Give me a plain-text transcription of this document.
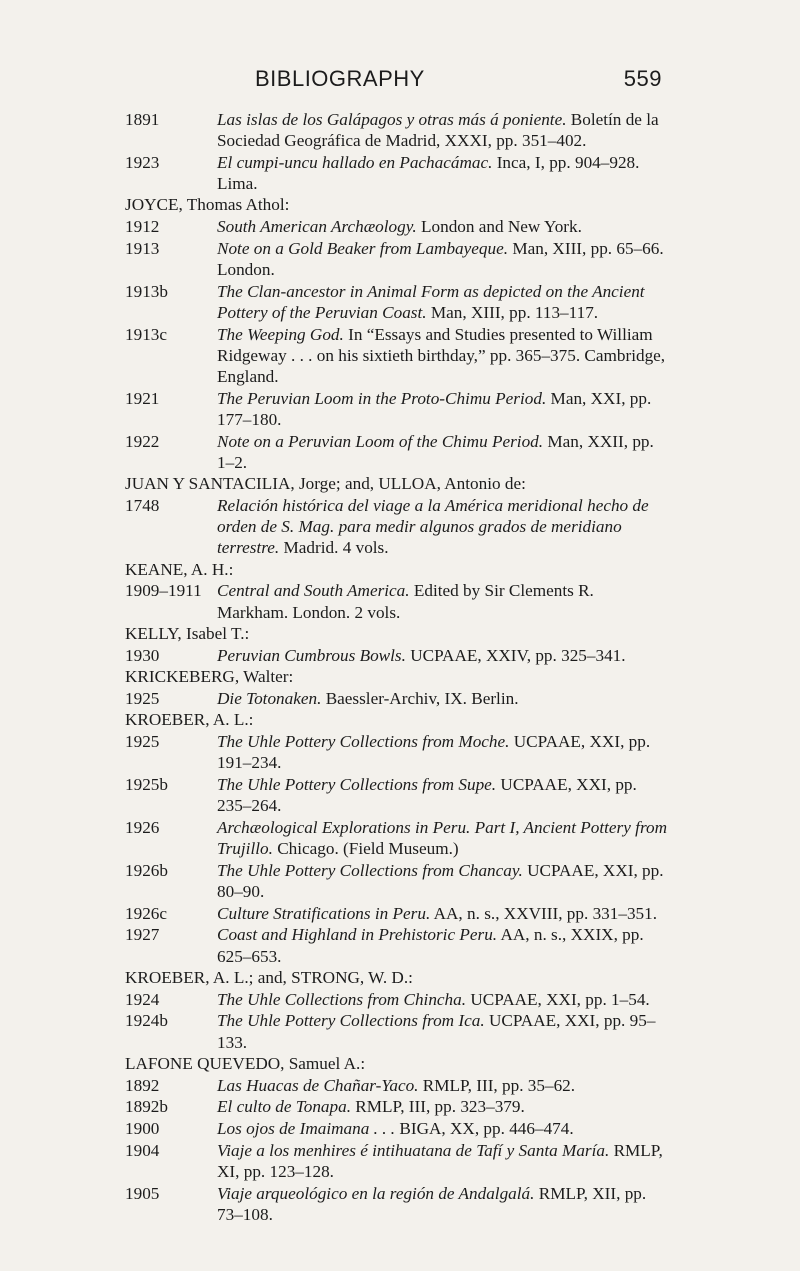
BIBLIOGRAPHY	559
1891	Las islas de los Galápagos y otras más á poniente. Boletín de la Sociedad Geográfica de Madrid, XXXI, pp. 351–402.
1923	El cumpi-uncu hallado en Pachacámac. Inca, I, pp. 904–928. Lima.
JOYCE, Thomas Athol:
1912	South American Archæology. London and New York.
1913	Note on a Gold Beaker from Lambayeque. Man, XIII, pp. 65–66. London.
1913b	The Clan-ancestor in Animal Form as depicted on the Ancient Pottery of the Peruvian Coast. Man, XIII, pp. 113–117.
1913c	The Weeping God. In “Essays and Studies presented to William Ridgeway . . . on his sixtieth birthday,” pp. 365–375. Cambridge, England.
1921	The Peruvian Loom in the Proto-Chimu Period. Man, XXI, pp. 177–180.
1922	Note on a Peruvian Loom of the Chimu Period. Man, XXII, pp. 1–2.
JUAN Y SANTACILIA, Jorge; and, ULLOA, Antonio de:
1748	Relación histórica del viage a la América meridional hecho de orden de S. Mag. para medir algunos grados de meridiano terrestre. Madrid. 4 vols.
KEANE, A. H.:
1909–1911 Central and South America. Edited by Sir Clements R. Markham. London. 2 vols.
KELLY, Isabel T.:
1930	Peruvian Cumbrous Bowls. UCPAAE, XXIV, pp. 325–341.
KRICKEBERG, Walter:
1925	Die Totonaken. Baessler-Archiv, IX. Berlin.
KROEBER, A. L.:
1925	The Uhle Pottery Collections from Moche. UCPAAE, XXI, pp. 191–234.
1925b	The Uhle Pottery Collections from Supe. UCPAAE, XXI, pp. 235–264.
1926	Archæological Explorations in Peru. Part I, Ancient Pottery from Trujillo. Chicago. (Field Museum.)
1926b	The Uhle Pottery Collections from Chancay. UCPAAE, XXI, pp. 80–90.
1926c	Culture Stratifications in Peru. AA, n. s., XXVIII, pp. 331–351.
1927	Coast and Highland in Prehistoric Peru. AA, n. s., XXIX, pp. 625–653.
KROEBER, A. L.; and, STRONG, W. D.:
1924	The Uhle Collections from Chincha. UCPAAE, XXI, pp. 1–54.
1924b	The Uhle Pottery Collections from Ica. UCPAAE, XXI, pp. 95–133.
LAFONE QUEVEDO, Samuel A.:
1892	Las Huacas de Chañar-Yaco. RMLP, III, pp. 35–62.
1892b	El culto de Tonapa. RMLP, III, pp. 323–379.
1900	Los ojos de Imaimana . . . BIGA, XX, pp. 446–474.
1904	Viaje a los menhires é intihuatana de Tafí y Santa María. RMLP, XI, pp. 123–128.
1905	Viaje arqueológico en la región de Andalgalá. RMLP, XII, pp. 73–108.
